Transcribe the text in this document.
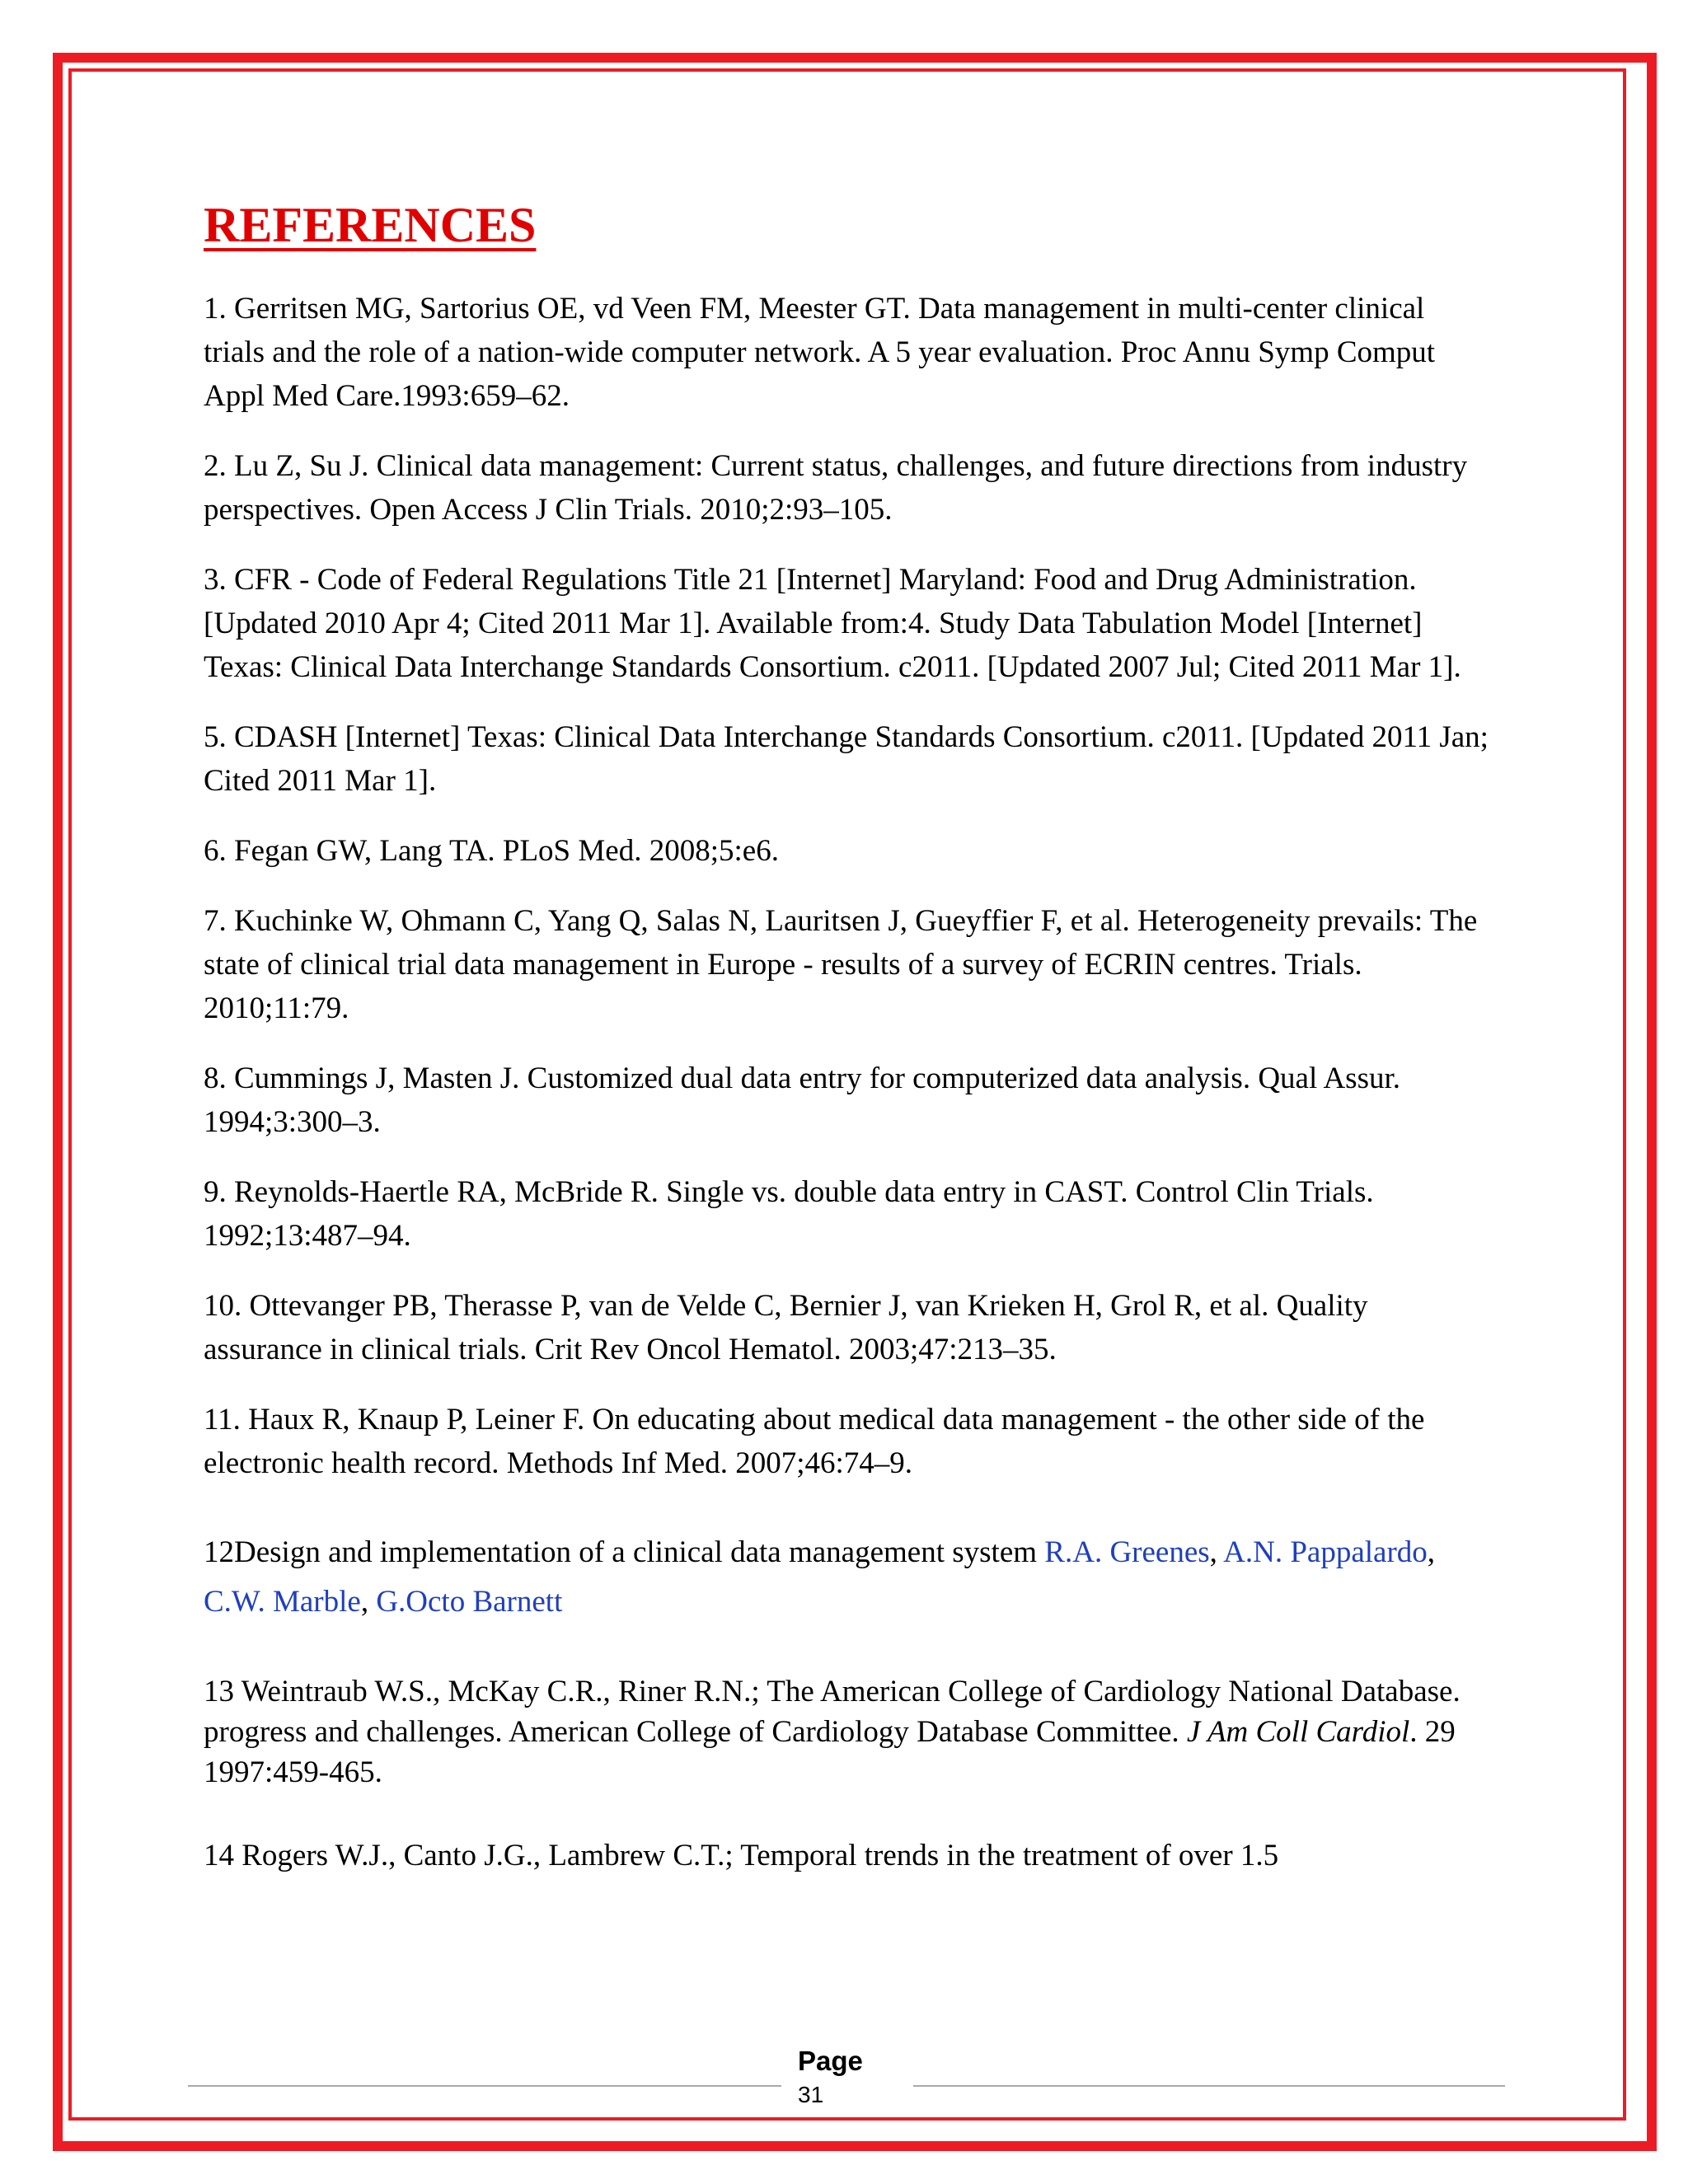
REFERENCES

1. Gerritsen MG, Sartorius OE, vd Veen FM, Meester GT. Data management in multi-center clinical trials and the role of a nation-wide computer network. A 5 year evaluation. Proc Annu Symp Comput Appl Med Care.1993:659–62.

2. Lu Z, Su J. Clinical data management: Current status, challenges, and future directions from industry perspectives. Open Access J Clin Trials. 2010;2:93–105.

3. CFR - Code of Federal Regulations Title 21 [Internet] Maryland: Food and Drug Administration. [Updated 2010 Apr 4; Cited 2011 Mar 1]. Available from:4. Study Data Tabulation Model [Internet] Texas: Clinical Data Interchange Standards Consortium. c2011. [Updated 2007 Jul; Cited 2011 Mar 1].

5. CDASH [Internet] Texas: Clinical Data Interchange Standards Consortium. c2011. [Updated 2011 Jan; Cited 2011 Mar 1].

6. Fegan GW, Lang TA. PLoS Med. 2008;5:e6.

7. Kuchinke W, Ohmann C, Yang Q, Salas N, Lauritsen J, Gueyffier F, et al. Heterogeneity prevails: The state of clinical trial data management in Europe - results of a survey of ECRIN centres. Trials. 2010;11:79.

8. Cummings J, Masten J. Customized dual data entry for computerized data analysis. Qual Assur. 1994;3:300–3.

9. Reynolds-Haertle RA, McBride R. Single vs. double data entry in CAST. Control Clin Trials. 1992;13:487–94.

10. Ottevanger PB, Therasse P, van de Velde C, Bernier J, van Krieken H, Grol R, et al. Quality assurance in clinical trials. Crit Rev Oncol Hematol. 2003;47:213–35.

11. Haux R, Knaup P, Leiner F. On educating about medical data management - the other side of the electronic health record. Methods Inf Med. 2007;46:74–9.

12Design and implementation of a clinical data management system R.A. Greenes, A.N. Pappalardo, C.W. Marble, G.Octo Barnett

13 Weintraub W.S., McKay C.R., Riner R.N.; The American College of Cardiology National Database. progress and challenges. American College of Cardiology Database Committee. J Am Coll Cardiol. 29 1997:459-465.

14 Rogers W.J., Canto J.G., Lambrew C.T.; Temporal trends in the treatment of over 1.5

Page
31
